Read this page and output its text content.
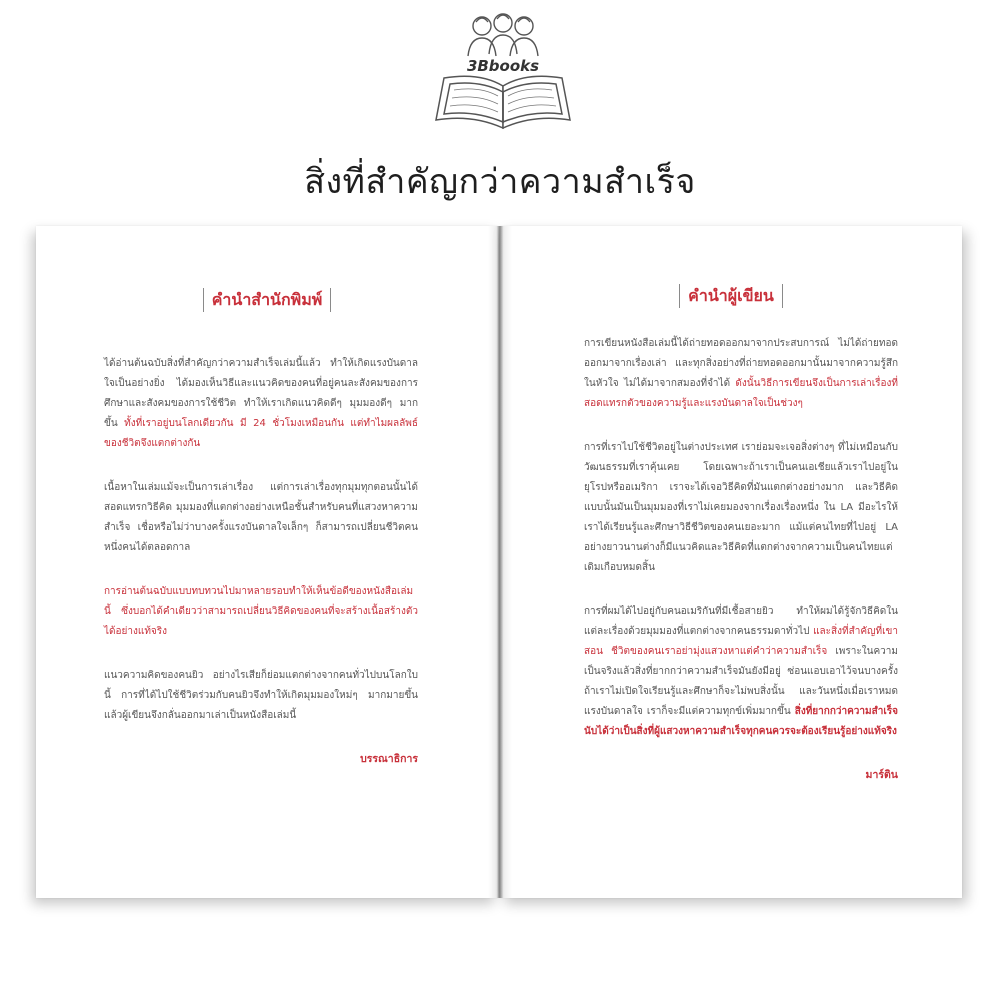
3Bbooks
สิ่งที่สำคัญกว่าความสำเร็จ
คำนำสำนักพิมพ์

ได้อ่านต้นฉบับสิ่งที่สำคัญกว่าความสำเร็จเล่มนี้แล้ว ทำให้เกิดแรงบันดาลใจเป็นอย่างยิ่ง ได้มองเห็นวิธีและแนวคิดของคนที่อยู่คนละสังคมของการศึกษาและสังคมของการใช้ชีวิต ทำให้เราเกิดแนวคิดดีๆ มุมมองดีๆ มากขึ้น ทั้งที่เราอยู่บนโลกเดียวกัน มี 24 ชั่วโมงเหมือนกัน แต่ทำไมผลลัพธ์ของชีวิตจึงแตกต่างกัน

เนื้อหาในเล่มแม้จะเป็นการเล่าเรื่อง แต่การเล่าเรื่องทุกมุมทุกตอนนั้นได้สอดแทรกวิธีคิด มุมมองที่แตกต่างอย่างเหนือชั้นสำหรับคนที่แสวงหาความสำเร็จ เชื่อหรือไม่ว่าบางครั้งแรงบันดาลใจเล็กๆ ก็สามารถเปลี่ยนชีวิตคนหนึ่งคนได้ตลอดกาล

การอ่านต้นฉบับแบบทบทวนไปมาหลายรอบทำให้เห็นข้อดีของหนังสือเล่มนี้ ซึ่งบอกได้คำเดียวว่าสามารถเปลี่ยนวิธีคิดของคนที่จะสร้างเนื้อสร้างตัวได้อย่างแท้จริง

แนวความคิดของคนยิว อย่างไรเสียก็ย่อมแตกต่างจากคนทั่วไปบนโลกใบนี้ การที่ได้ไปใช้ชีวิตร่วมกับคนยิวจึงทำให้เกิดมุมมองใหม่ๆ มากมายขึ้น แล้วผู้เขียนจึงกลั่นออกมาเล่าเป็นหนังสือเล่มนี้

บรรณาธิการ
คำนำผู้เขียน

การเขียนหนังสือเล่มนี้ได้ถ่ายทอดออกมาจากประสบการณ์ ไม่ได้ถ่ายทอดออกมาจากเรื่องเล่า และทุกสิ่งอย่างที่ถ่ายทอดออกมานั้นมาจากความรู้สึกในหัวใจ ไม่ได้มาจากสมองที่จำได้ ดังนั้นวิธีการเขียนจึงเป็นการเล่าเรื่องที่สอดแทรกตัวของความรู้และแรงบันดาลใจเป็นช่วงๆ

การที่เราไปใช้ชีวิตอยู่ในต่างประเทศ เราย่อมจะเจอสิ่งต่างๆ ที่ไม่เหมือนกับวัฒนธรรมที่เราคุ้นเคย โดยเฉพาะถ้าเราเป็นคนเอเชียแล้วเราไปอยู่ในยุโรปหรืออเมริกา เราจะได้เจอวิธีคิดที่มันแตกต่างอย่างมาก และวิธีคิดแบบนั้นมันเป็นมุมมองที่เราไม่เคยมองจากเรื่องเรื่องหนึ่ง ใน LA มีอะไรให้เราได้เรียนรู้และศึกษาวิธีชีวิตของคนเยอะมาก แม้แต่คนไทยที่ไปอยู่ LA อย่างยาวนานต่างก็มีแนวคิดและวิธีคิดที่แตกต่างจากความเป็นคนไทยแต่เดิมเกือบหมดสิ้น

การที่ผมได้ไปอยู่กับคนอเมริกันที่มีเชื้อสายยิว ทำให้ผมได้รู้จักวิธีคิดในแต่ละเรื่องด้วยมุมมองที่แตกต่างจากคนธรรมดาทั่วไป และสิ่งที่สำคัญที่เขาสอน ชีวิตของคนเราอย่ามุ่งแสวงหาแต่คำว่าความสำเร็จ เพราะในความเป็นจริงแล้วสิ่งที่ยากกว่าความสำเร็จมันยังมีอยู่ ซ่อนแอบเอาไว้จนบางครั้งถ้าเราไม่เปิดใจเรียนรู้และศึกษาก็จะไม่พบสิ่งนั้น และวันหนึ่งเมื่อเราหมดแรงบันดาลใจ เราก็จะมีแต่ความทุกข์เพิ่มมากขึ้น สิ่งที่ยากกว่าความสำเร็จนับได้ว่าเป็นสิ่งที่ผู้แสวงหาความสำเร็จทุกคนควรจะต้องเรียนรู้อย่างแท้จริง

มาร์ติน
